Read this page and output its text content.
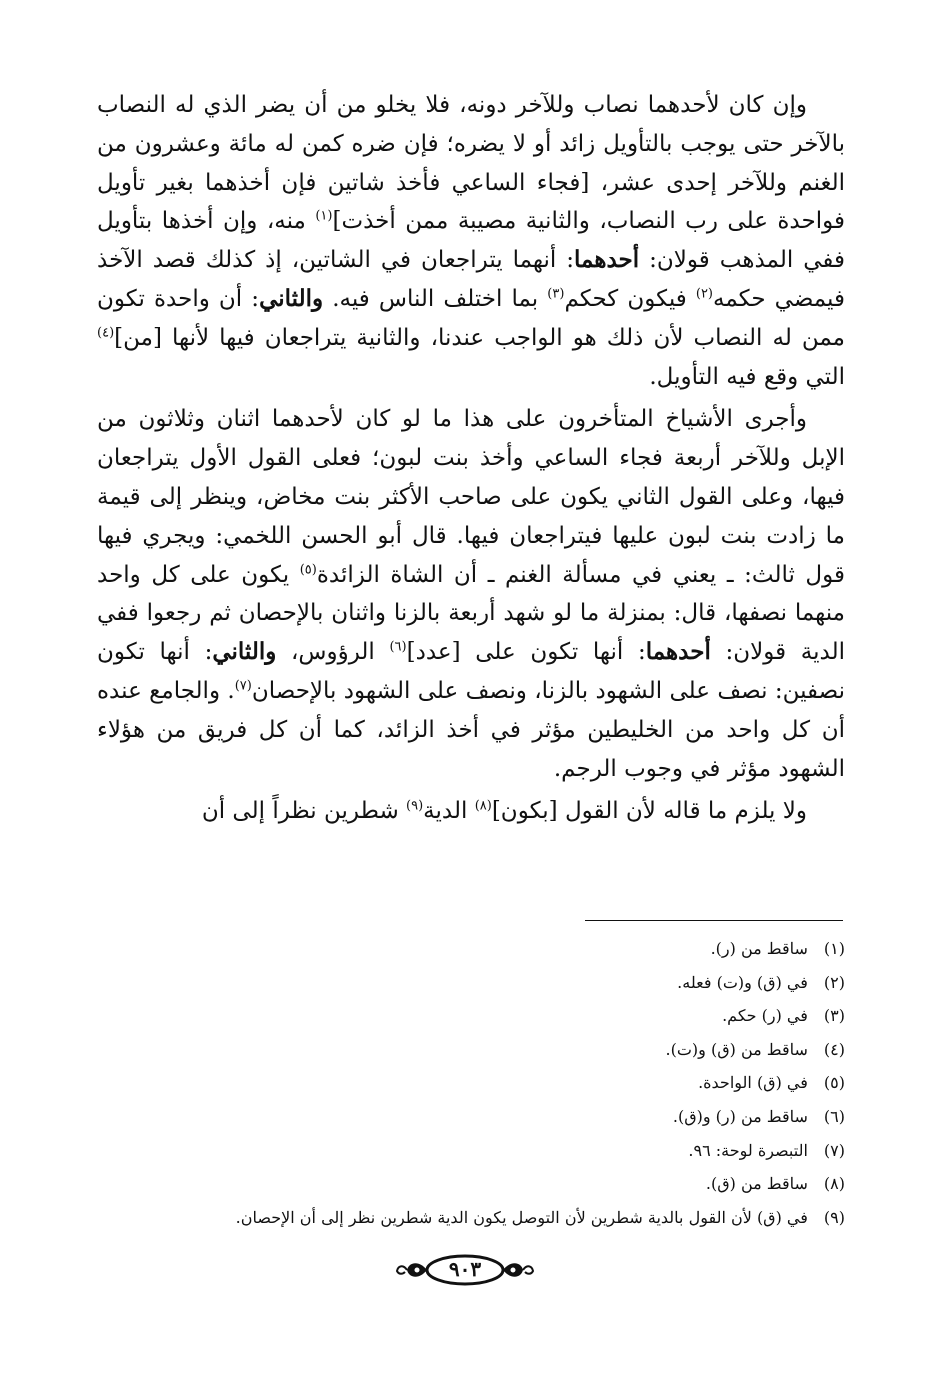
وإن كان لأحدهما نصاب وللآخر دونه، فلا يخلو من أن يضر الذي له النصاب بالآخر حتى يوجب بالتأويل زائد أو لا يضره؛ فإن ضره كمن له مائة وعشرون من الغنم وللآخر إحدى عشر، [فجاء الساعي فأخذ شاتين فإن أخذهما بغير تأويل فواحدة على رب النصاب، والثانية مصيبة ممن أخذت]$^{(١)}$ منه، وإن أخذها بتأويل ففي المذهب قولان: أحدهما: أنهما يتراجعان في الشاتين، إذ كذلك قصد الآخذ فيمضي حكمه$^{(٢)}$ فيكون كحكم$^{(٣)}$ بما اختلف الناس فيه. والثاني: أن واحدة تكون ممن له النصاب لأن ذلك هو الواجب عندنا، والثانية يتراجعان فيها لأنها [من]$^{(٤)}$ التي وقع فيه التأويل.

وأجرى الأشياخ المتأخرون على هذا ما لو كان لأحدهما اثنان وثلاثون من الإبل وللآخر أربعة فجاء الساعي وأخذ بنت لبون؛ فعلى القول الأول يتراجعان فيها، وعلى القول الثاني يكون على صاحب الأكثر بنت مخاض، وينظر إلى قيمة ما زادت بنت لبون عليها فيتراجعان فيها. قال أبو الحسن اللخمي: ويجري فيها قول ثالث: ـ يعني في مسألة الغنم ـ أن الشاة الزائدة$^{(٥)}$ يكون على كل واحد منهما نصفها، قال: بمنزلة ما لو شهد أربعة بالزنا واثنان بالإحصان ثم رجعوا ففي الدية قولان: أحدهما: أنها تكون على [عدد]$^{(٦)}$ الرؤوس، والثاني: أنها تكون نصفين: نصف على الشهود بالزنا، ونصف على الشهود بالإحصان$^{(٧)}$. والجامع عنده أن كل واحد من الخليطين مؤثر في أخذ الزائد، كما أن كل فريق من هؤلاء الشهود مؤثر في وجوب الرجم.

ولا يلزم ما قاله لأن القول [بكون]$^{(٨)}$ الدية$^{(٩)}$ شطرين نظراً إلى أن

(١) ساقط من (ر).
(٢) في (ق) و(ت) فعله.
(٣) في (ر) حكم.
(٤) ساقط من (ق) و(ت).
(٥) في (ق) الواحدة.
(٦) ساقط من (ر) و(ق).
(٧) التبصرة لوحة: ٩٦.
(٨) ساقط من (ق).
(٩) في (ق) لأن القول بالدية شطرين لأن التوصل يكون الدية شطرين نظر إلى أن الإحصان.
٩٠٣
